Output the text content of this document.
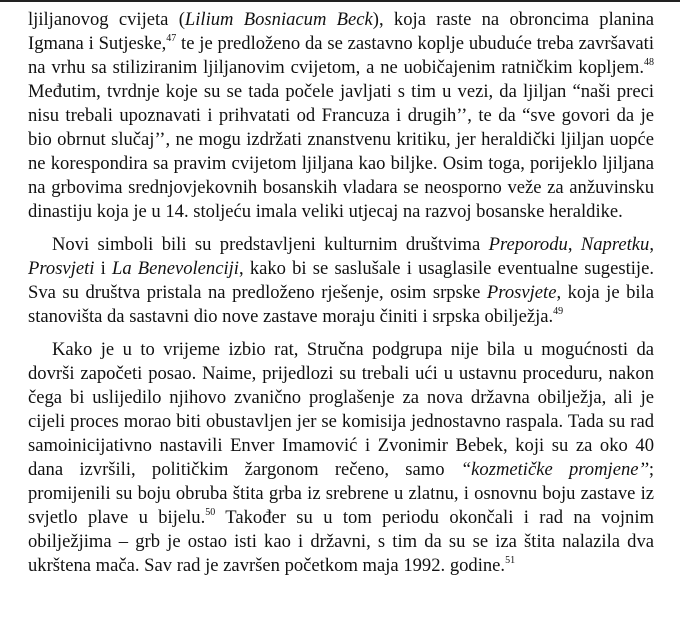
ljiljanovog cvijeta (Lilium Bosniacum Beck), koja raste na obroncima planina Igmana i Sutjeske,$^{47}$ te je predloženo da se zastavno koplje ubuduće treba završavati na vrhu sa stiliziranim ljiljanovim cvijetom, a ne uobičajenim ratničkim kopljem.$^{48}$ Međutim, tvrdnje koje su se tada počele javljati s tim u vezi, da ljiljan “naši preci nisu trebali upoznavati i prihvatati od Francuza i drugih’’, te da “sve govori da je bio obrnut slučaj’’, ne mogu izdržati znanstvenu kritiku, jer heraldički ljiljan uopće ne korespondira sa pravim cvijetom ljiljana kao biljke. Osim toga, porijeklo ljiljana na grbovima srednjovjekovnih bosanskih vladara se neosporno veže za anžuvinsku dinastiju koja je u 14. stoljeću imala veliki utjecaj na razvoj bosanske heraldike.

Novi simboli bili su predstavljeni kulturnim društvima Preporodu, Napretku, Prosvjeti i La Benevolenciji, kako bi se saslušale i usaglasile eventualne sugestije. Sva su društva pristala na predloženo rješenje, osim srpske Prosvjete, koja je bila stanovišta da sastavni dio nove zastave moraju činiti i srpska obilježja.$^{49}$

Kako je u to vrijeme izbio rat, Stručna podgrupa nije bila u mogućnosti da dovrši započeti posao. Naime, prijedlozi su trebali ući u ustavnu proceduru, nakon čega bi uslijedilo njihovo zvanično proglašenje za nova državna obilježja, ali je cijeli proces morao biti obustavljen jer se komisija jednostavno raspala. Tada su rad samoinicijativno nastavili Enver Imamović i Zvonimir Bebek, koji su za oko 40 dana izvršili, političkim žargonom rečeno, samo “kozmetičke promjene’’; promijenili su boju obruba štita grba iz srebrene u zlatnu, i osnovnu boju zastave iz svjetlo plave u bijelu.$^{50}$ Također su u tom periodu okončali i rad na vojnim obilježjima – grb je ostao isti kao i državni, s tim da su se iza štita nalazila dva ukrštena mača. Sav rad je završen početkom maja 1992. godine.$^{51}$
